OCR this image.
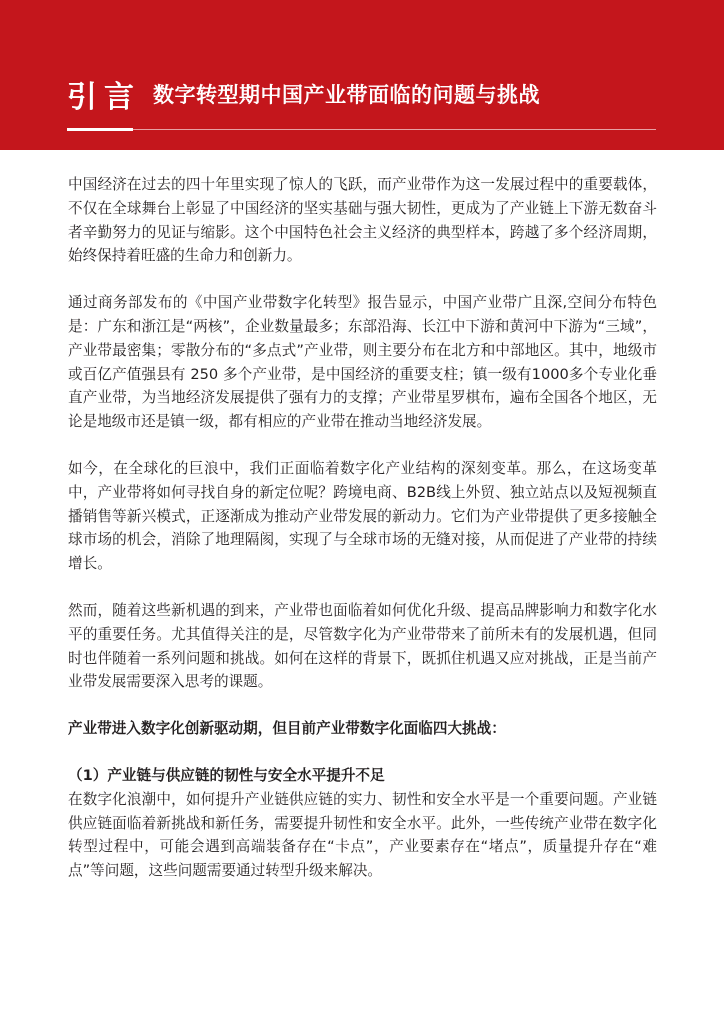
引言 数字转型期中国产业带面临的问题与挑战

中国经济在过去的四十年里实现了惊人的飞跃，而产业带作为这一发展过程中的重要载体，不仅在全球舞台上彰显了中国经济的坚实基础与强大韧性，更成为了产业链上下游无数奋斗者辛勤努力的见证与缩影。这个中国特色社会主义经济的典型样本，跨越了多个经济周期，始终保持着旺盛的生命力和创新力。

通过商务部发布的《中国产业带数字化转型》报告显示，中国产业带广且深,空间分布特色是：广东和浙江是“两核”，企业数量最多；东部沿海、长江中下游和黄河中下游为“三域”，产业带最密集；零散分布的“多点式”产业带，则主要分布在北方和中部地区。其中，地级市或百亿产值强县有 250 多个产业带，是中国经济的重要支柱；镇一级有1000多个专业化垂直产业带，为当地经济发展提供了强有力的支撑；产业带星罗棋布，遍布全国各个地区，无论是地级市还是镇一级，都有相应的产业带在推动当地经济发展。

如今，在全球化的巨浪中，我们正面临着数字化产业结构的深刻变革。那么，在这场变革中，产业带将如何寻找自身的新定位呢？跨境电商、B2B线上外贸、独立站点以及短视频直播销售等新兴模式，正逐渐成为推动产业带发展的新动力。它们为产业带提供了更多接触全球市场的机会，消除了地理隔阂，实现了与全球市场的无缝对接，从而促进了产业带的持续增长。

然而，随着这些新机遇的到来，产业带也面临着如何优化升级、提高品牌影响力和数字化水平的重要任务。尤其值得关注的是，尽管数字化为产业带带来了前所未有的发展机遇，但同时也伴随着一系列问题和挑战。如何在这样的背景下，既抓住机遇又应对挑战，正是当前产业带发展需要深入思考的课题。

产业带进入数字化创新驱动期，但目前产业带数字化面临四大挑战：

（1）产业链与供应链的韧性与安全水平提升不足

在数字化浪潮中，如何提升产业链供应链的实力、韧性和安全水平是一个重要问题。产业链供应链面临着新挑战和新任务，需要提升韧性和安全水平。此外，一些传统产业带在数字化转型过程中，可能会遇到高端装备存在“卡点”，产业要素存在“堵点”，质量提升存在“难点”等问题，这些问题需要通过转型升级来解决。
